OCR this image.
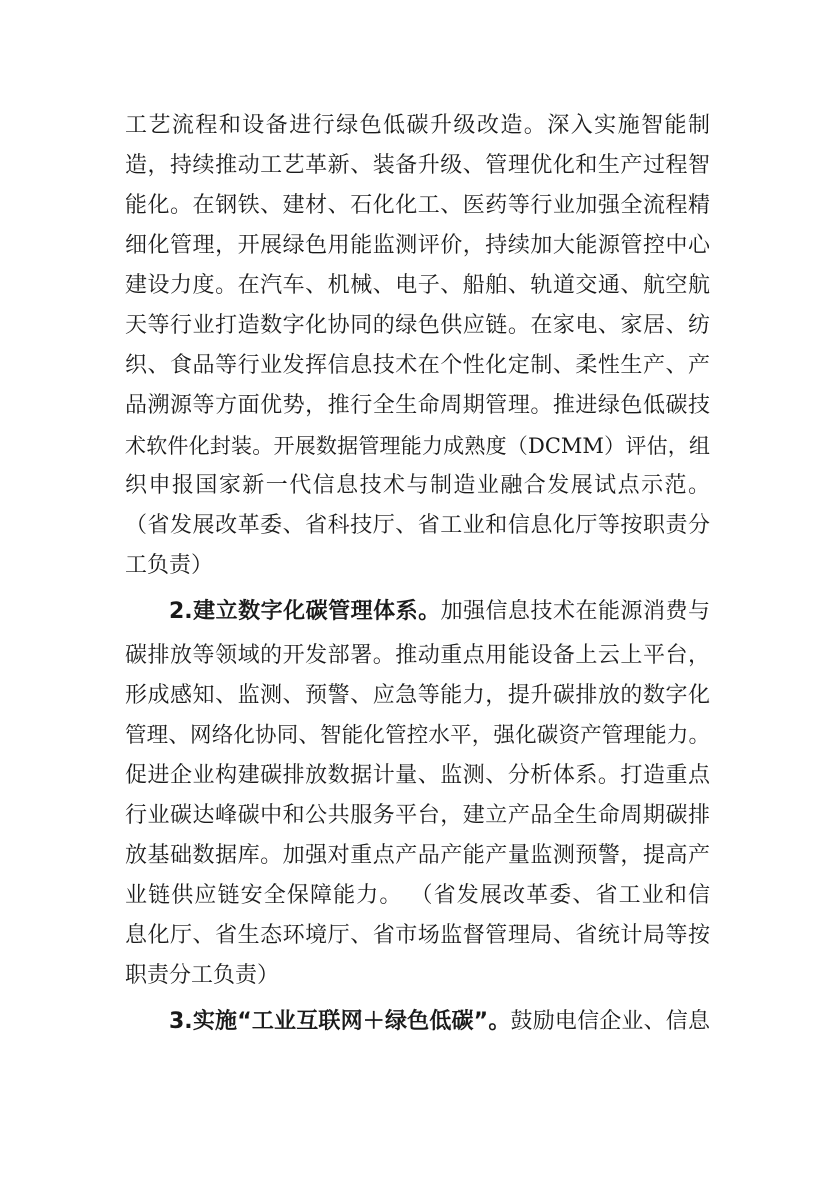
工艺流程和设备进行绿色低碳升级改造。深入实施智能制
造，持续推动工艺革新、装备升级、管理优化和生产过程智
能化。在钢铁、建材、石化化工、医药等行业加强全流程精
细化管理，开展绿色用能监测评价，持续加大能源管控中心
建设力度。在汽车、机械、电子、船舶、轨道交通、航空航
天等行业打造数字化协同的绿色供应链。在家电、家居、纺
织、食品等行业发挥信息技术在个性化定制、柔性生产、产
品溯源等方面优势，推行全生命周期管理。推进绿色低碳技
术软件化封装。开展数据管理能力成熟度（DCMM）评估，组
织申报国家新一代信息技术与制造业融合发展试点示范。
（省发展改革委、省科技厅、省工业和信息化厅等按职责分
工负责）
2.建立数字化碳管理体系。加强信息技术在能源消费与
碳排放等领域的开发部署。推动重点用能设备上云上平台，
形成感知、监测、预警、应急等能力，提升碳排放的数字化
管理、网络化协同、智能化管控水平，强化碳资产管理能力。
促进企业构建碳排放数据计量、监测、分析体系。打造重点
行业碳达峰碳中和公共服务平台，建立产品全生命周期碳排
放基础数据库。加强对重点产品产能产量监测预警，提高产
业链供应链安全保障能力。 （省发展改革委、省工业和信
息化厅、省生态环境厅、省市场监督管理局、省统计局等按
职责分工负责）
3.实施“工业互联网＋绿色低碳”。鼓励电信企业、信息
